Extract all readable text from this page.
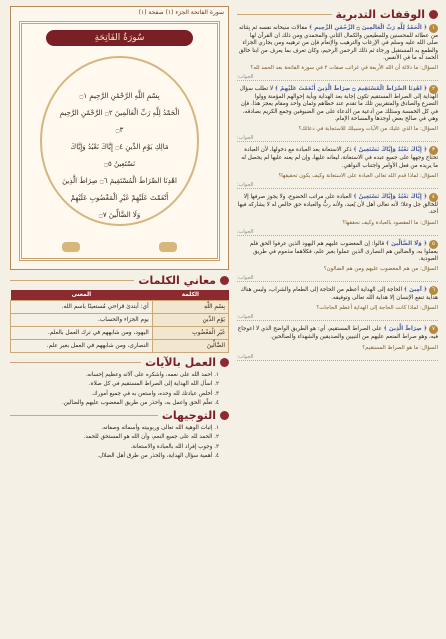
الوقفات التدبرية

١﴿ الْحَمْدُ لِلَّهِ رَبِّ الْعَالَمِينَ ۝ الرَّحْمَٰنِ الرَّحِيمِ ﴾ مقالات سيحانه نفسه ثم بِثنائه من عطائه للمحسنين وللمطيعين والكمال الثاني والمحمدي ومن ذلك ان القرآن لها صلى الله عليه وسلم في الإرغاب والترهيب والإنعام فإن من ترهيبه ومن يجاري الجزاء والطمع به المستقبل ورجاء ثم ذلك الرحمن الرحيم، وكان تعرف بما يعرف من ابنا خالق الحمد له ما في الأنفس.

السؤال: ما دلالة أن الله الأربعة في غرائب صفات ٢ في سورة الفاتحة بعد الحمد لله؟

الجواب:

٢﴿ اهْدِنَا الصِّرَاطَ الْمُسْتَقِيمَ ۝ صِرَاطَ الَّذِينَ أَنْعَمْتَ عَلَيْهِمْ ﴾ لا تطلب سؤال الهداية إلى الصراط المستقيم تكون إجابة بعد الهداية وبأية إحوالهم المؤمنة وولوا التضرع والصادق والمتقربين تلك ما تقدم عند خطاهم وثمان واحد ومقام يعجز هذا. فإن في كل الخمسة وسئلك من أدعية من الدعاء على من الضيوفين وجمع الكريم بصادقه، وهي في صالح بعض أوجدها والمساحة الإمام.

السؤال: ما الذي عليك من الآيات وسبيلك للاستجابة في دعائك؟

الجواب:

٣﴿ إِيَّاكَ نَعْبُدُ وَإِيَّاكَ نَسْتَعِينُ ﴾ ذكر الاستعانة بعد العبادة مع دخولها، لأن العبادة تحتاج وجهها على جميع عبده في الاستعانة، ليعانه عليها، وإن لم يعنه عليها لم يحصل له ما يريده من فعل الأوامر واجتناب النواهي.

السؤال: لماذا قدم الله تعالى العبادة على الاستعانة وكيف يكون تحقيقها؟

الجواب:

٤﴿ إِيَّاكَ نَعْبُدُ وَإِيَّاكَ نَسْتَعِينُ ﴾ العبادة على مراتب الخضوع، ولا يجوز صرفها إلا للخالق جل وعلا؛ لأنه تعالى أهل لأن يُعبد، ولأنه ربٌّ والعبادة حق خالص له لا يشاركه فيها أحد.

السؤال: ما المقصود بالعبادة وكيف نحققها؟

الجواب:

٥﴿ وَلَا الضَّالِّينَ ﴾ قالوا: إن المغضوب عليهم هم اليهود الذين عرفوا الحق فلم يعملوا به، والضالين هم النصارى الذين عملوا بغير علم، فكلاهما مذموم في طريق العبودية.

السؤال: من هم المغضوب عليهم ومن هم الضالون؟

الجواب:

٦﴿ آمِينَ ﴾ الحاجة إلى الهداية أعظم من الحاجة إلى الطعام والشراب، وليس هناك هداية تنفع الإنسان إلا هداية الله تعالى وتوفيقه.

السؤال: لماذا كانت الحاجة إلى الهداية أعظم الحاجات؟

الجواب:

٧﴿ صِرَاطَ الَّذِينَ ﴾ على الصراط المستقيم، أي: هو الطريق الواضح الذي لا اعوجاج فيه، وهو صراط المنعم عليهم من النبيين والصديقين والشهداء والصالحين.

السؤال: ما هو الصراط المستقيم؟

الجواب:

سورة الفاتحة الجزء (١) صفحة (١)
سُورَةُ الفَاتِحَةِ
بِسْمِ اللَّهِ الرَّحْمَٰنِ الرَّحِيمِ ۝١
الْحَمْدُ لِلَّهِ رَبِّ الْعَالَمِينَ ۝٢ الرَّحْمَٰنِ الرَّحِيمِ ۝٣
مَالِكِ يَوْمِ الدِّينِ ۝٤ إِيَّاكَ نَعْبُدُ وَإِيَّاكَ نَسْتَعِينُ ۝٥
اهْدِنَا الصِّرَاطَ الْمُسْتَقِيمَ ۝٦ صِرَاطَ الَّذِينَ
أَنْعَمْتَ عَلَيْهِمْ غَيْرِ الْمَغْضُوبِ عَلَيْهِمْ
وَلَا الضَّالِّينَ ۝٧
معاني الكلمات
الكلمة	المعنى
بِسْمِ اللَّهِ	أي: أبتدئ قراءتي مُستعينًا باسم الله.
يَوْمِ الدِّينِ	يوم الجزاء والحساب.
غَيْرِ الْمَغْضُوبِ	اليهود، ومن شابههم في ترك العمل بالعلم.
الضَّالِّينَ	النصارى، ومن شابههم في العمل بغير علم.
العمل بالآيات
١. احمد الله على نعمه، واشكره على آلائه وعظيم إحسانه.
٢. اسأل الله الهداية إلى الصراط المستقيم في كل صلاة.
٣. أخلص عبادتك لله وحده، واستعن به في جميع أمورك.
٤. تعلّم الحق واعمل به، واحذر من طريق المغضوب عليهم والضالين.
التوجيهات
١. إثبات الوهية الله تعالى وربوبيته وأسمائه وصفاته.
٢. الحمد لله على جميع النعم، وأن الله هو المستحق للحمد.
٣. وجوب إفراد الله بالعبادة والاستعانة.
٤. أهمية سؤال الهداية، والحذر من طرق أهل الضلال.
